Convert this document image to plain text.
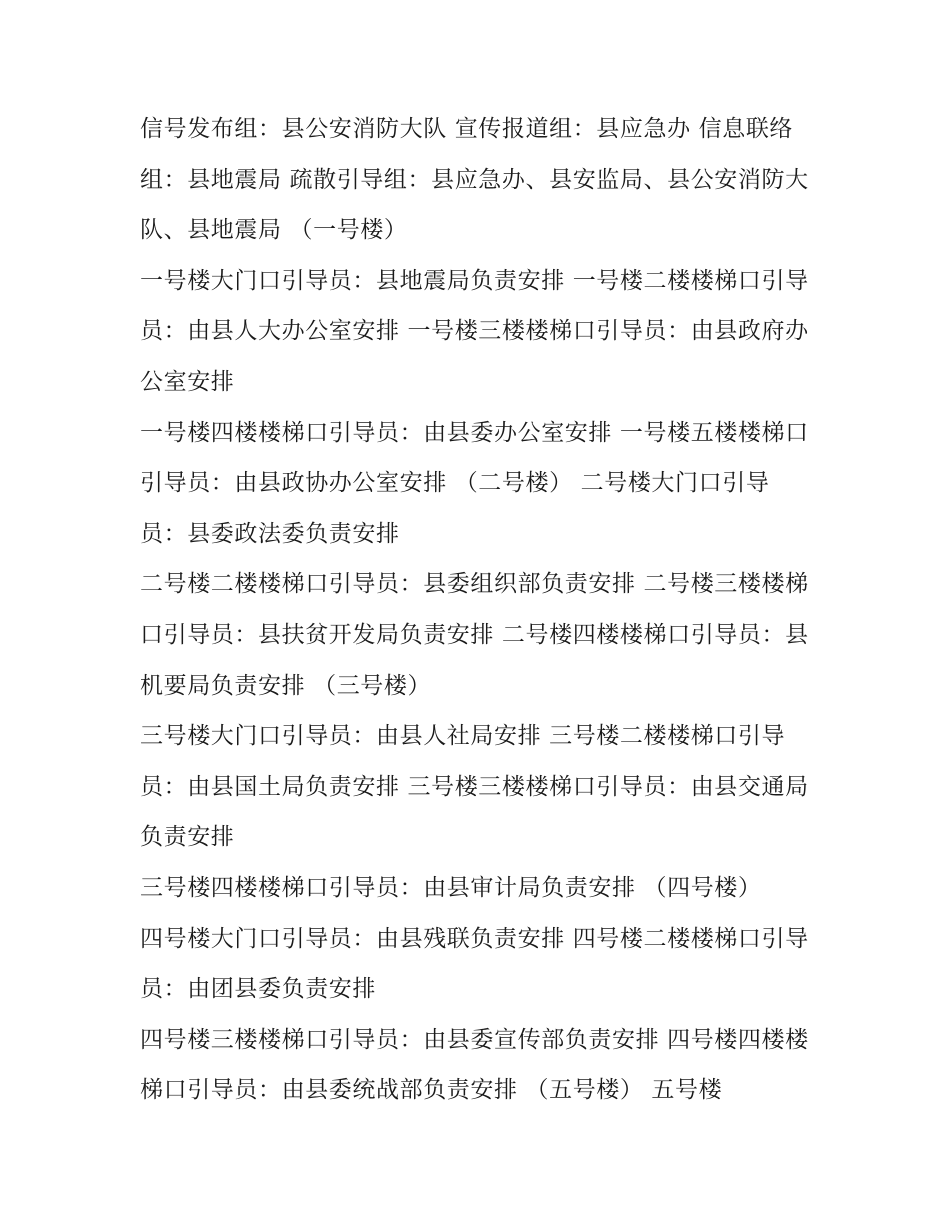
信号发布组：县公安消防大队 宣传报道组：县应急办 信息联络组：县地震局 疏散引导组：县应急办、县安监局、县公安消防大队、县地震局 （一号楼）

一号楼大门口引导员：县地震局负责安排 一号楼二楼楼梯口引导员：由县人大办公室安排 一号楼三楼楼梯口引导员：由县政府办公室安排

一号楼四楼楼梯口引导员：由县委办公室安排 一号楼五楼楼梯口引导员：由县政协办公室安排 （二号楼） 二号楼大门口引导员：县委政法委负责安排

二号楼二楼楼梯口引导员：县委组织部负责安排 二号楼三楼楼梯口引导员：县扶贫开发局负责安排 二号楼四楼楼梯口引导员：县机要局负责安排 （三号楼）

三号楼大门口引导员：由县人社局安排 三号楼二楼楼梯口引导员：由县国土局负责安排 三号楼三楼楼梯口引导员：由县交通局负责安排

三号楼四楼楼梯口引导员：由县审计局负责安排 （四号楼）

四号楼大门口引导员：由县残联负责安排 四号楼二楼楼梯口引导员：由团县委负责安排

四号楼三楼楼梯口引导员：由县委宣传部负责安排 四号楼四楼楼梯口引导员：由县委统战部负责安排 （五号楼） 五号楼
